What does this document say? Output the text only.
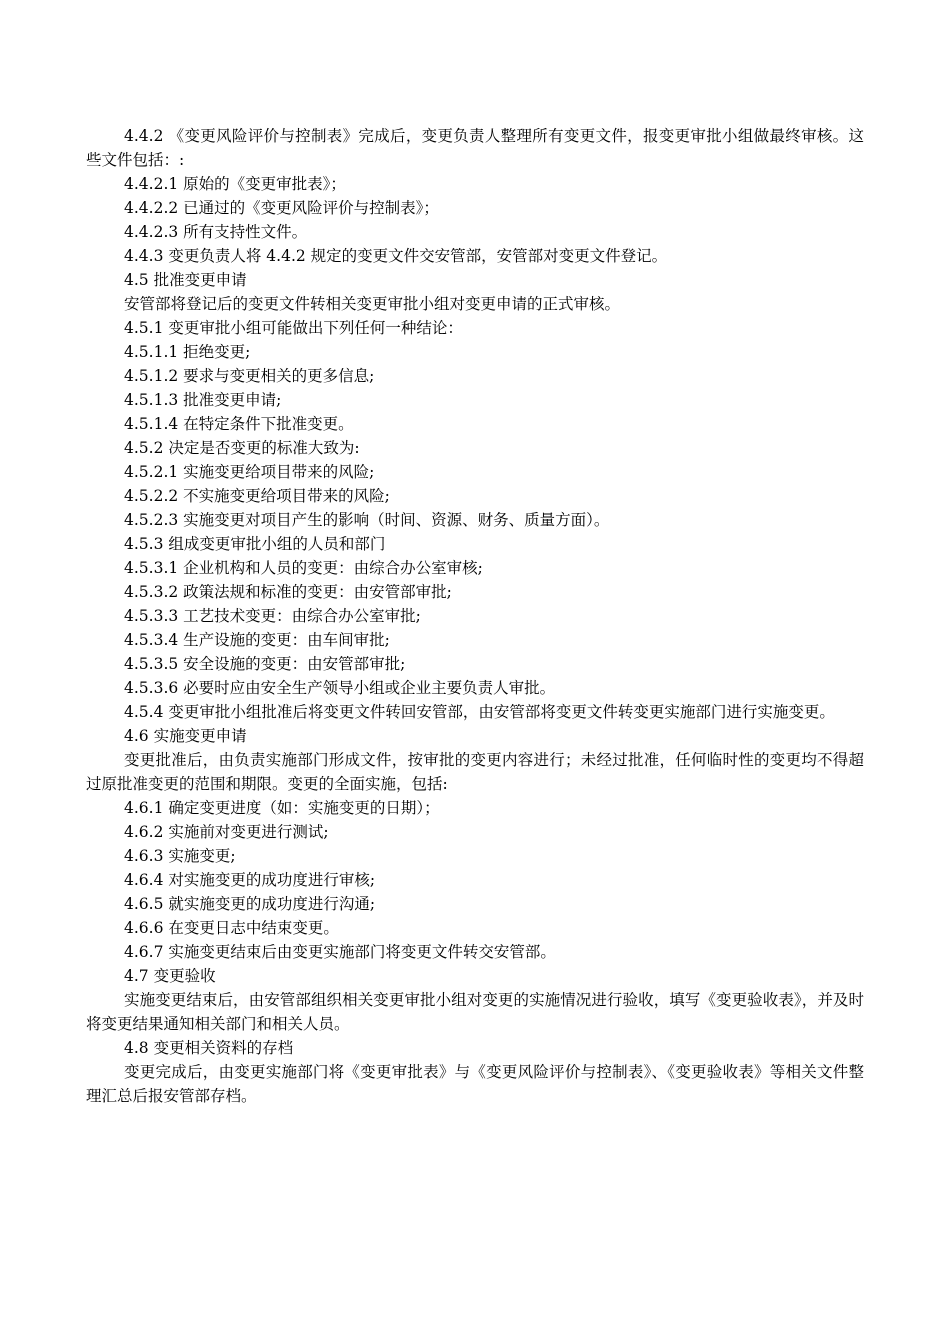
4.4.2 《变更风险评价与控制表》完成后，变更负责人整理所有变更文件，报变更审批小组做最终审核。这些文件包括：:

4.4.2.1 原始的《变更审批表》；

4.4.2.2 已通过的《变更风险评价与控制表》；

4.4.2.3 所有支持性文件。

4.4.3 变更负责人将 4.4.2 规定的变更文件交安管部，安管部对变更文件登记。

4.5 批准变更申请

安管部将登记后的变更文件转相关变更审批小组对变更申请的正式审核。

4.5.1 变更审批小组可能做出下列任何一种结论：

4.5.1.1 拒绝变更;

4.5.1.2 要求与变更相关的更多信息;

4.5.1.3 批准变更申请;

4.5.1.4 在特定条件下批准变更。

4.5.2 决定是否变更的标准大致为:

4.5.2.1 实施变更给项目带来的风险;

4.5.2.2 不实施变更给项目带来的风险;

4.5.2.3 实施变更对项目产生的影响（时间、资源、财务、质量方面）。

4.5.3 组成变更审批小组的人员和部门

4.5.3.1 企业机构和人员的变更：由综合办公室审核;

4.5.3.2 政策法规和标准的变更：由安管部审批;

4.5.3.3 工艺技术变更：由综合办公室审批;

4.5.3.4 生产设施的变更：由车间审批;

4.5.3.5 安全设施的变更：由安管部审批;

4.5.3.6 必要时应由安全生产领导小组或企业主要负责人审批。

4.5.4 变更审批小组批准后将变更文件转回安管部，由安管部将变更文件转变更实施部门进行实施变更。

4.6 实施变更申请

变更批准后，由负责实施部门形成文件，按审批的变更内容进行；未经过批准，任何临时性的变更均不得超过原批准变更的范围和期限。变更的全面实施，包括:

4.6.1 确定变更进度（如：实施变更的日期）；

4.6.2 实施前对变更进行测试;

4.6.3 实施变更;

4.6.4 对实施变更的成功度进行审核;

4.6.5 就实施变更的成功度进行沟通;

4.6.6 在变更日志中结束变更。

4.6.7 实施变更结束后由变更实施部门将变更文件转交安管部。

4.7 变更验收

实施变更结束后，由安管部组织相关变更审批小组对变更的实施情况进行验收，填写《变更验收表》，并及时将变更结果通知相关部门和相关人员。

4.8 变更相关资料的存档

变更完成后，由变更实施部门将《变更审批表》与《变更风险评价与控制表》、《变更验收表》等相关文件整理汇总后报安管部存档。
